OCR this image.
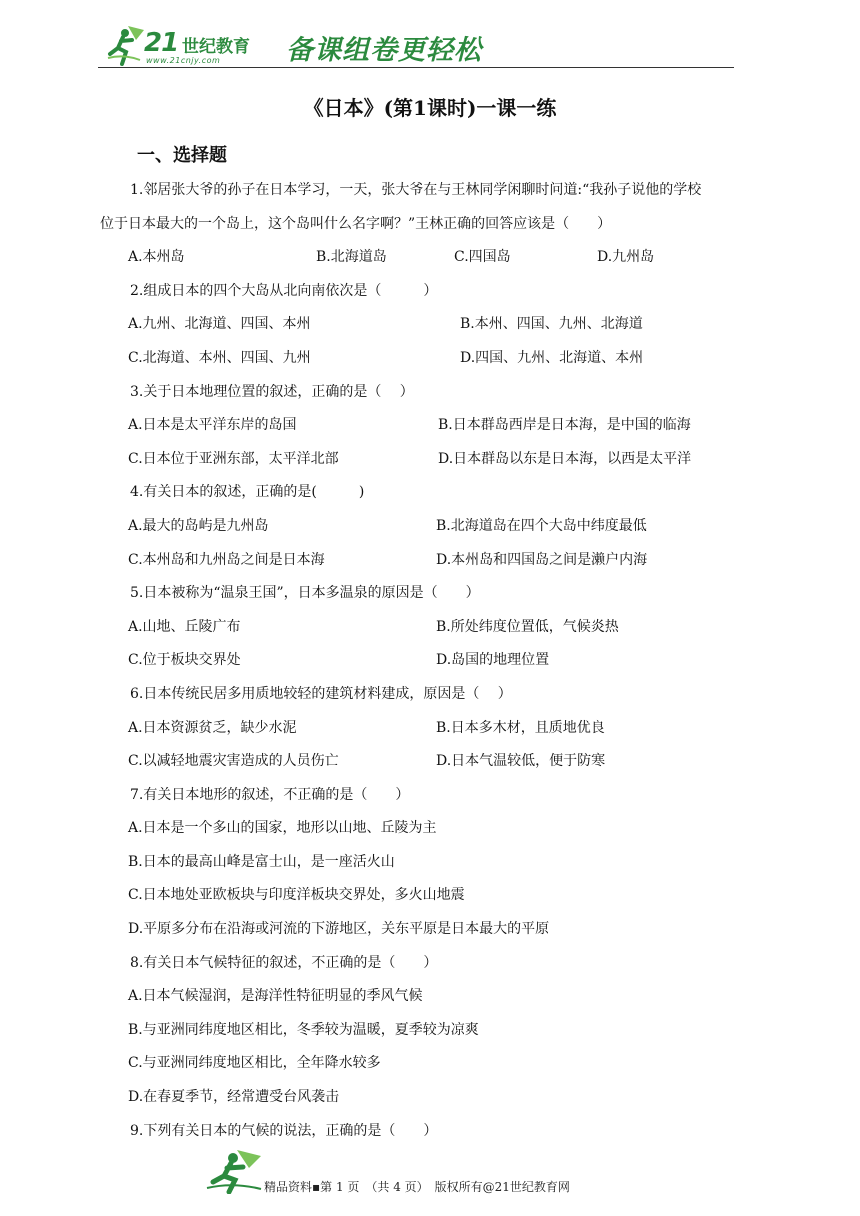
21 世纪教育
www.21cnjy.com 备课组卷更轻松
《日本》(第1课时)一课一练
一、选择题
1.邻居张大爷的孙子在日本学习，一天，张大爷在与王林同学闲聊时问道:“我孙子说他的学校
位于日本最大的一个岛上，这个岛叫什么名字啊？”王林正确的回答应该是（　　）
A.本州岛	B.北海道岛	C.四国岛	D.九州岛
2.组成日本的四个大岛从北向南依次是（　　　）
A.九州、北海道、四国、本州	B.本州、四国、九州、北海道
C.北海道、本州、四国、九州	D.四国、九州、北海道、本州
3.关于日本地理位置的叙述，正确的是（　 ）
A.日本是太平洋东岸的岛国	B.日本群岛西岸是日本海，是中国的临海
C.日本位于亚洲东部，太平洋北部	D.日本群岛以东是日本海，以西是太平洋
4.有关日本的叙述，正确的是(　　　)
A.最大的岛屿是九州岛	B.北海道岛在四个大岛中纬度最低
C.本州岛和九州岛之间是日本海	D.本州岛和四国岛之间是濑户内海
5.日本被称为“温泉王国”，日本多温泉的原因是（　　）
A.山地、丘陵广布	B.所处纬度位置低，气候炎热
C.位于板块交界处	D.岛国的地理位置
6.日本传统民居多用质地较轻的建筑材料建成，原因是（　 ）
A.日本资源贫乏，缺少水泥	B.日本多木材，且质地优良
C.以减轻地震灾害造成的人员伤亡	D.日本气温较低，便于防寒
7.有关日本地形的叙述，不正确的是（　　）
A.日本是一个多山的国家，地形以山地、丘陵为主
B.日本的最高山峰是富士山，是一座活火山
C.日本地处亚欧板块与印度洋板块交界处，多火山地震
D.平原多分布在沿海或河流的下游地区，关东平原是日本最大的平原
8.有关日本气候特征的叙述，不正确的是（　　）
A.日本气候湿润，是海洋性特征明显的季风气候
B.与亚洲同纬度地区相比，冬季较为温暖，夏季较为凉爽
C.与亚洲同纬度地区相比，全年降水较多
D.在春夏季节，经常遭受台风袭击
9.下列有关日本的气候的说法，正确的是（　　）
精品资料▪第 1 页　（共 4 页）　版权所有@21世纪教育网
